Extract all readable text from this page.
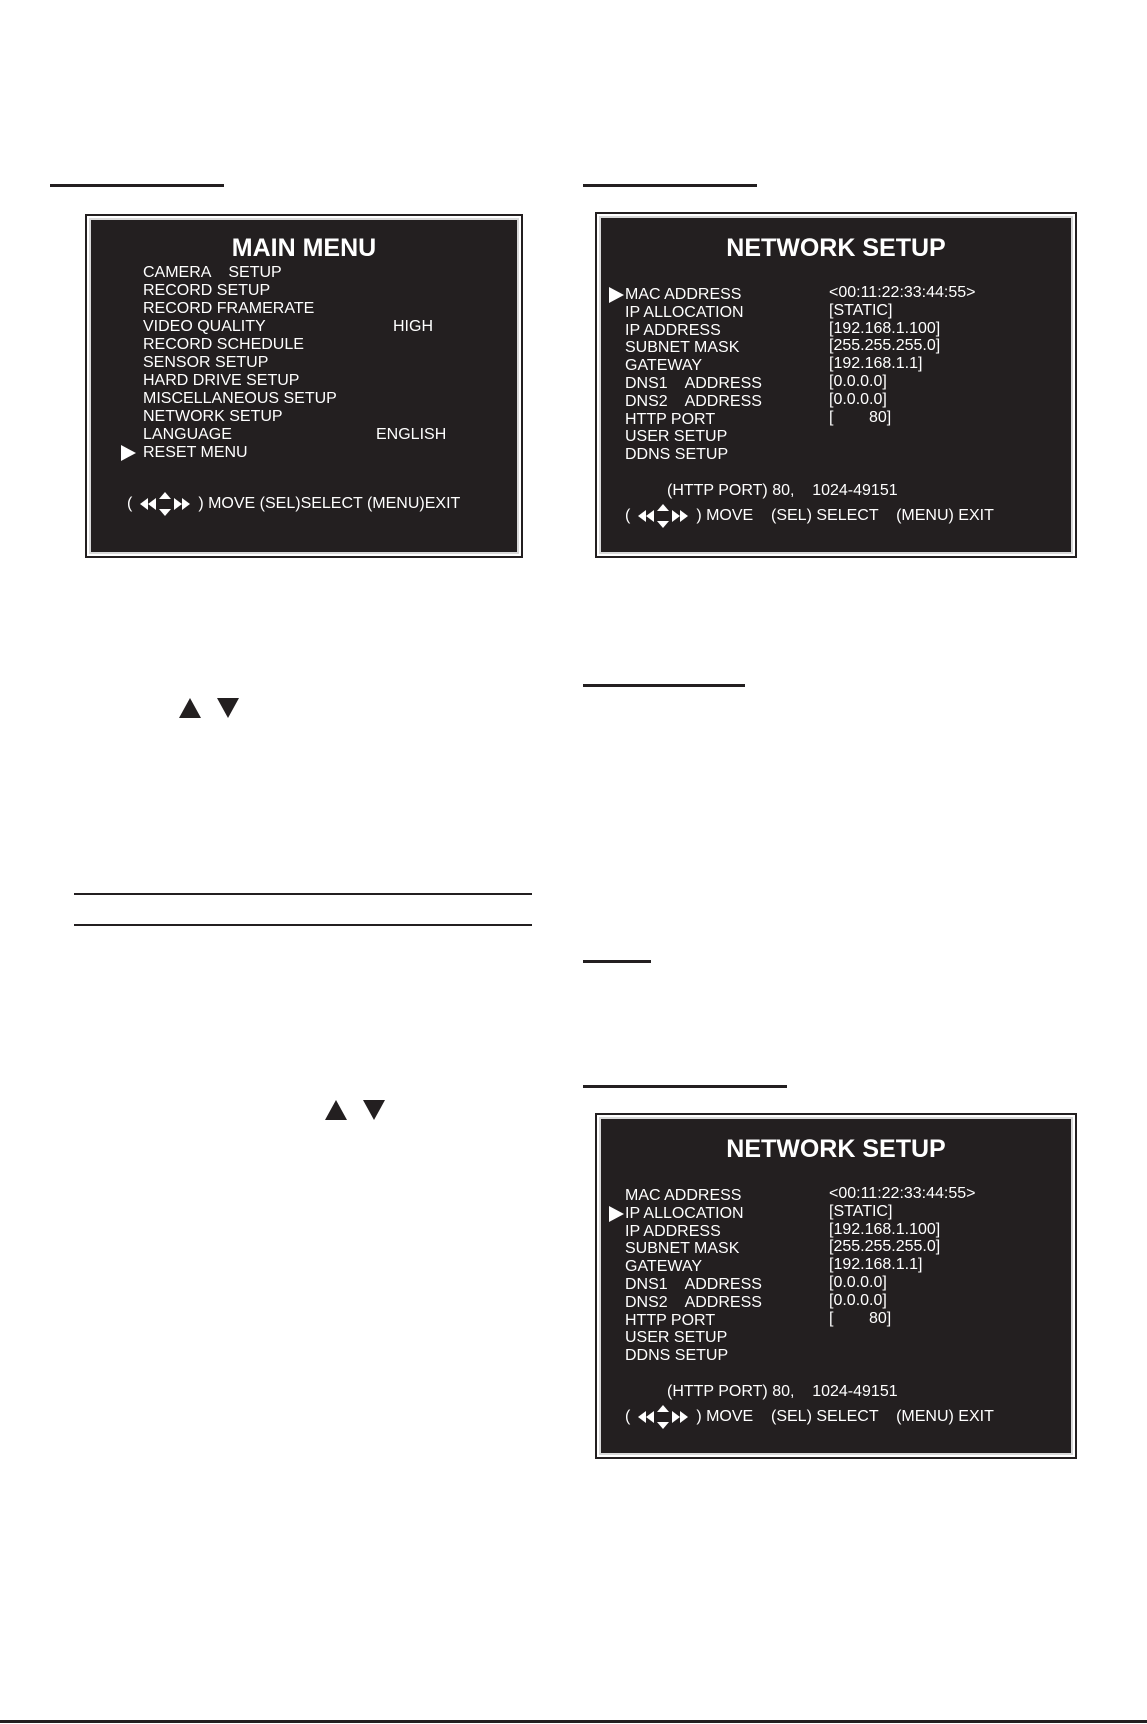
MAIN MENU
CAMERA    SETUP
RECORD SETUP
RECORD FRAMERATE
VIDEO QUALITY	HIGH
RECORD SCHEDULE
SENSOR SETUP
HARD DRIVE SETUP
MISCELLANEOUS SETUP
NETWORK SETUP
LANGUAGE	ENGLISH
RESET MENU
(	) MOVE (SEL)SELECT (MENU)EXIT
NETWORK SETUP
MAC ADDRESS	<00:11:22:33:44:55>
IP ALLOCATION	[STATIC]
IP ADDRESS	[192.168.1.100]
SUBNET MASK	[255.255.255.0]
GATEWAY	[192.168.1.1]
DNS1    ADDRESS	[0.0.0.0]
DNS2    ADDRESS	[0.0.0.0]
HTTP PORT	[        80]
USER SETUP
DDNS SETUP
(HTTP PORT) 80,    1024-49151
(	) MOVE    (SEL) SELECT    (MENU) EXIT
NETWORK SETUP
MAC ADDRESS	<00:11:22:33:44:55>
IP ALLOCATION	[STATIC]
IP ADDRESS	[192.168.1.100]
SUBNET MASK	[255.255.255.0]
GATEWAY	[192.168.1.1]
DNS1    ADDRESS	[0.0.0.0]
DNS2    ADDRESS	[0.0.0.0]
HTTP PORT	[        80]
USER SETUP
DDNS SETUP
(HTTP PORT) 80,    1024-49151
(	) MOVE    (SEL) SELECT    (MENU) EXIT
